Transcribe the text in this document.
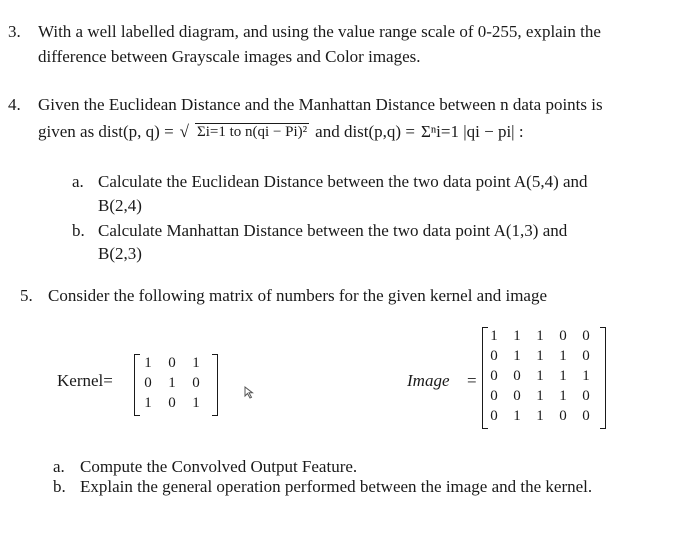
3. With a well labelled diagram, and using the value range scale of 0-255, explain the
difference between Grayscale images and Color images.
4. Given the Euclidean Distance and the Manhattan Distance between n data points is
given as dist(p, q) = √ Σi=1 to n(qi − Pi)² and dist(p,q) = Σⁿi=1 |qi − pi| :
a. Calculate the Euclidean Distance between the two data point A(5,4) and
B(2,4)
b. Calculate Manhattan Distance between the two data point A(1,3) and
B(2,3)
5. Consider the following matrix of numbers for the given kernel and image
Kernel=
1	0	1
0	1	0
1	0	1
Image =
1 1 1 0 0
0 1 1 1 0
0 0 1 1 1
0 0 1 1 0
0 1 1 0 0
a. Compute the Convolved Output Feature.
b. Explain the general operation performed between the image and the kernel.
